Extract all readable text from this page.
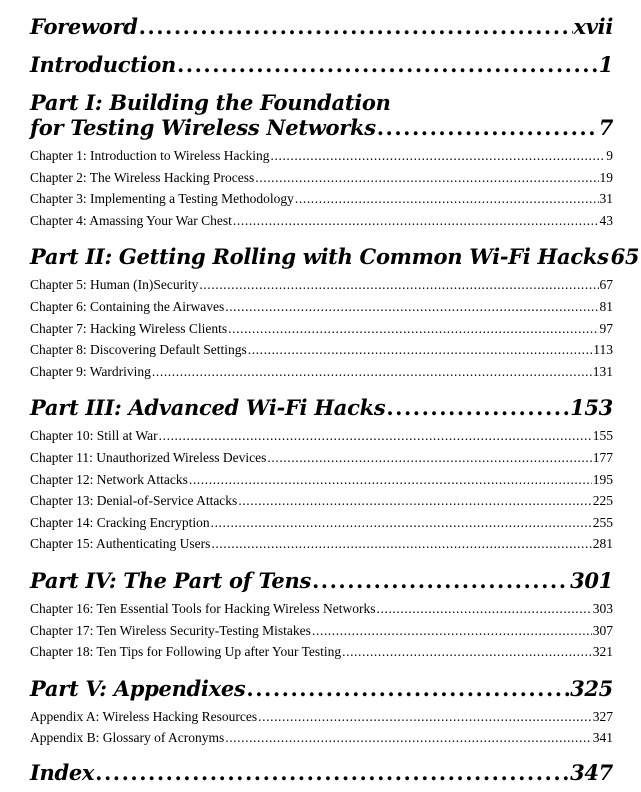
Foreword .....	xvii
Introduction .....	1
Part I: Building the Foundation
for Testing Wireless Networks .....	7
Chapter 1: Introduction to Wireless Hacking .....	9
Chapter 2: The Wireless Hacking Process .....	19
Chapter 3: Implementing a Testing Methodology .....	31
Chapter 4: Amassing Your War Chest .....	43
Part II: Getting Rolling with Common Wi-Fi Hacks 65
Chapter 5: Human (In)Security .....	67
Chapter 6: Containing the Airwaves .....	81
Chapter 7: Hacking Wireless Clients .....	97
Chapter 8: Discovering Default Settings .....	113
Chapter 9: Wardriving .....	131
Part III: Advanced Wi-Fi Hacks .....	153
Chapter 10: Still at War .....	155
Chapter 11: Unauthorized Wireless Devices .....	177
Chapter 12: Network Attacks .....	195
Chapter 13: Denial-of-Service Attacks .....	225
Chapter 14: Cracking Encryption .....	255
Chapter 15: Authenticating Users .....	281
Part IV: The Part of Tens .....	301
Chapter 16: Ten Essential Tools for Hacking Wireless Networks .....	303
Chapter 17: Ten Wireless Security-Testing Mistakes .....	307
Chapter 18: Ten Tips for Following Up after Your Testing .....	321
Part V: Appendixes .....	325
Appendix A: Wireless Hacking Resources .....	327
Appendix B: Glossary of Acronyms .....	341
Index .....	347
